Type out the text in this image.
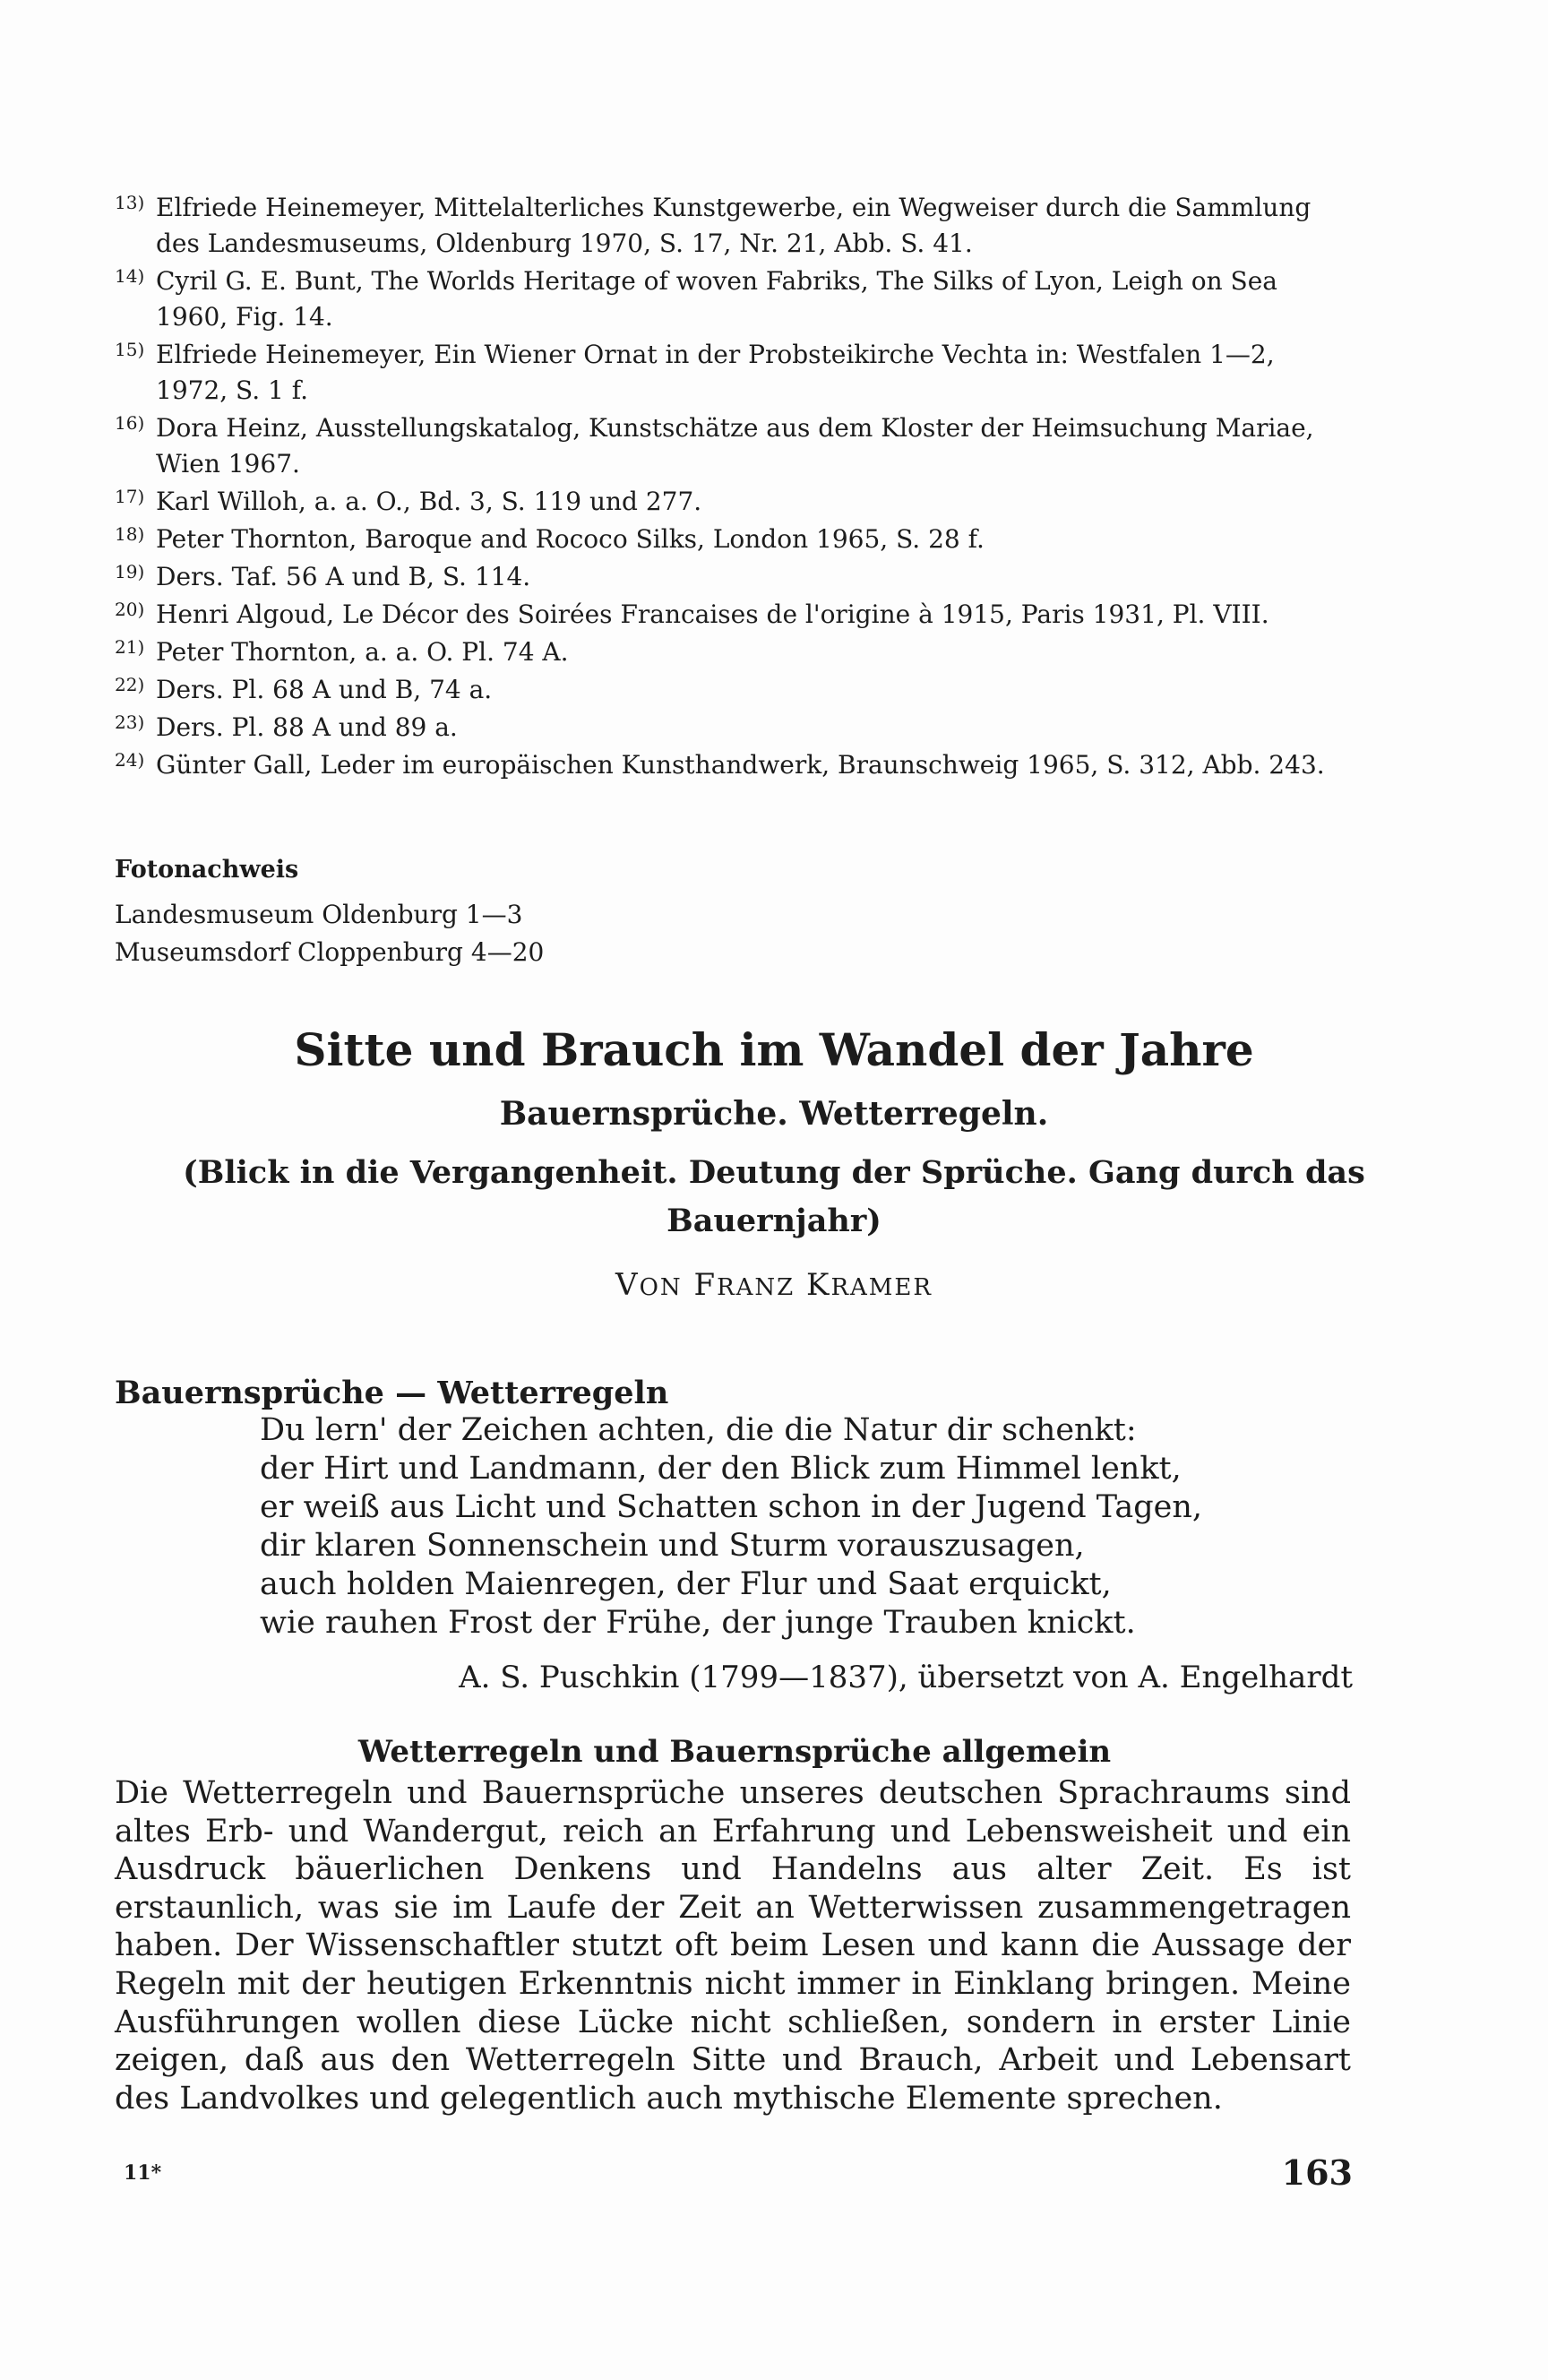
13) Elfriede Heinemeyer, Mittelalterliches Kunstgewerbe, ein Wegweiser durch die Sammlung des Landesmuseums, Oldenburg 1970, S. 17, Nr. 21, Abb. S. 41.
14) Cyril G. E. Bunt, The Worlds Heritage of woven Fabriks, The Silks of Lyon, Leigh on Sea 1960, Fig. 14.
15) Elfriede Heinemeyer, Ein Wiener Ornat in der Probsteikirche Vechta in: Westfalen 1—2, 1972, S. 1 f.
16) Dora Heinz, Ausstellungskatalog, Kunstschätze aus dem Kloster der Heimsuchung Mariae, Wien 1967.
17) Karl Willoh, a. a. O., Bd. 3, S. 119 und 277.
18) Peter Thornton, Baroque and Rococo Silks, London 1965, S. 28 f.
19) Ders. Taf. 56 A und B, S. 114.
20) Henri Algoud, Le Décor des Soirées Francaises de l'origine à 1915, Paris 1931, Pl. VIII.
21) Peter Thornton, a. a. O. Pl. 74 A.
22) Ders. Pl. 68 A und B, 74 a.
23) Ders. Pl. 88 A und 89 a.
24) Günter Gall, Leder im europäischen Kunsthandwerk, Braunschweig 1965, S. 312, Abb. 243.
Fotonachweis
Landesmuseum Oldenburg 1—3
Museumsdorf Cloppenburg 4—20
Sitte und Brauch im Wandel der Jahre
Bauernsprüche. Wetterregeln.
(Blick in die Vergangenheit. Deutung der Sprüche. Gang durch das Bauernjahr)
VON FRANZ KRAMER
Bauernsprüche — Wetterregeln
Du lern' der Zeichen achten, die die Natur dir schenkt:
der Hirt und Landmann, der den Blick zum Himmel lenkt,
er weiß aus Licht und Schatten schon in der Jugend Tagen,
dir klaren Sonnenschein und Sturm vorauszusagen,
auch holden Maienregen, der Flur und Saat erquickt,
wie rauhen Frost der Frühe, der junge Trauben knickt.
A. S. Puschkin (1799—1837), übersetzt von A. Engelhardt
Wetterregeln und Bauernsprüche allgemein
Die Wetterregeln und Bauernsprüche unseres deutschen Sprachraums sind altes Erb- und Wandergut, reich an Erfahrung und Lebensweisheit und ein Ausdruck bäuerlichen Denkens und Handelns aus alter Zeit. Es ist erstaunlich, was sie im Laufe der Zeit an Wetterwissen zusammengetragen haben. Der Wissenschaftler stutzt oft beim Lesen und kann die Aussage der Regeln mit der heutigen Erkenntnis nicht immer in Einklang bringen. Meine Ausführungen wollen diese Lücke nicht schließen, sondern in erster Linie zeigen, daß aus den Wetterregeln Sitte und Brauch, Arbeit und Lebensart des Landvolkes und gelegentlich auch mythische Elemente sprechen.
11*	163
